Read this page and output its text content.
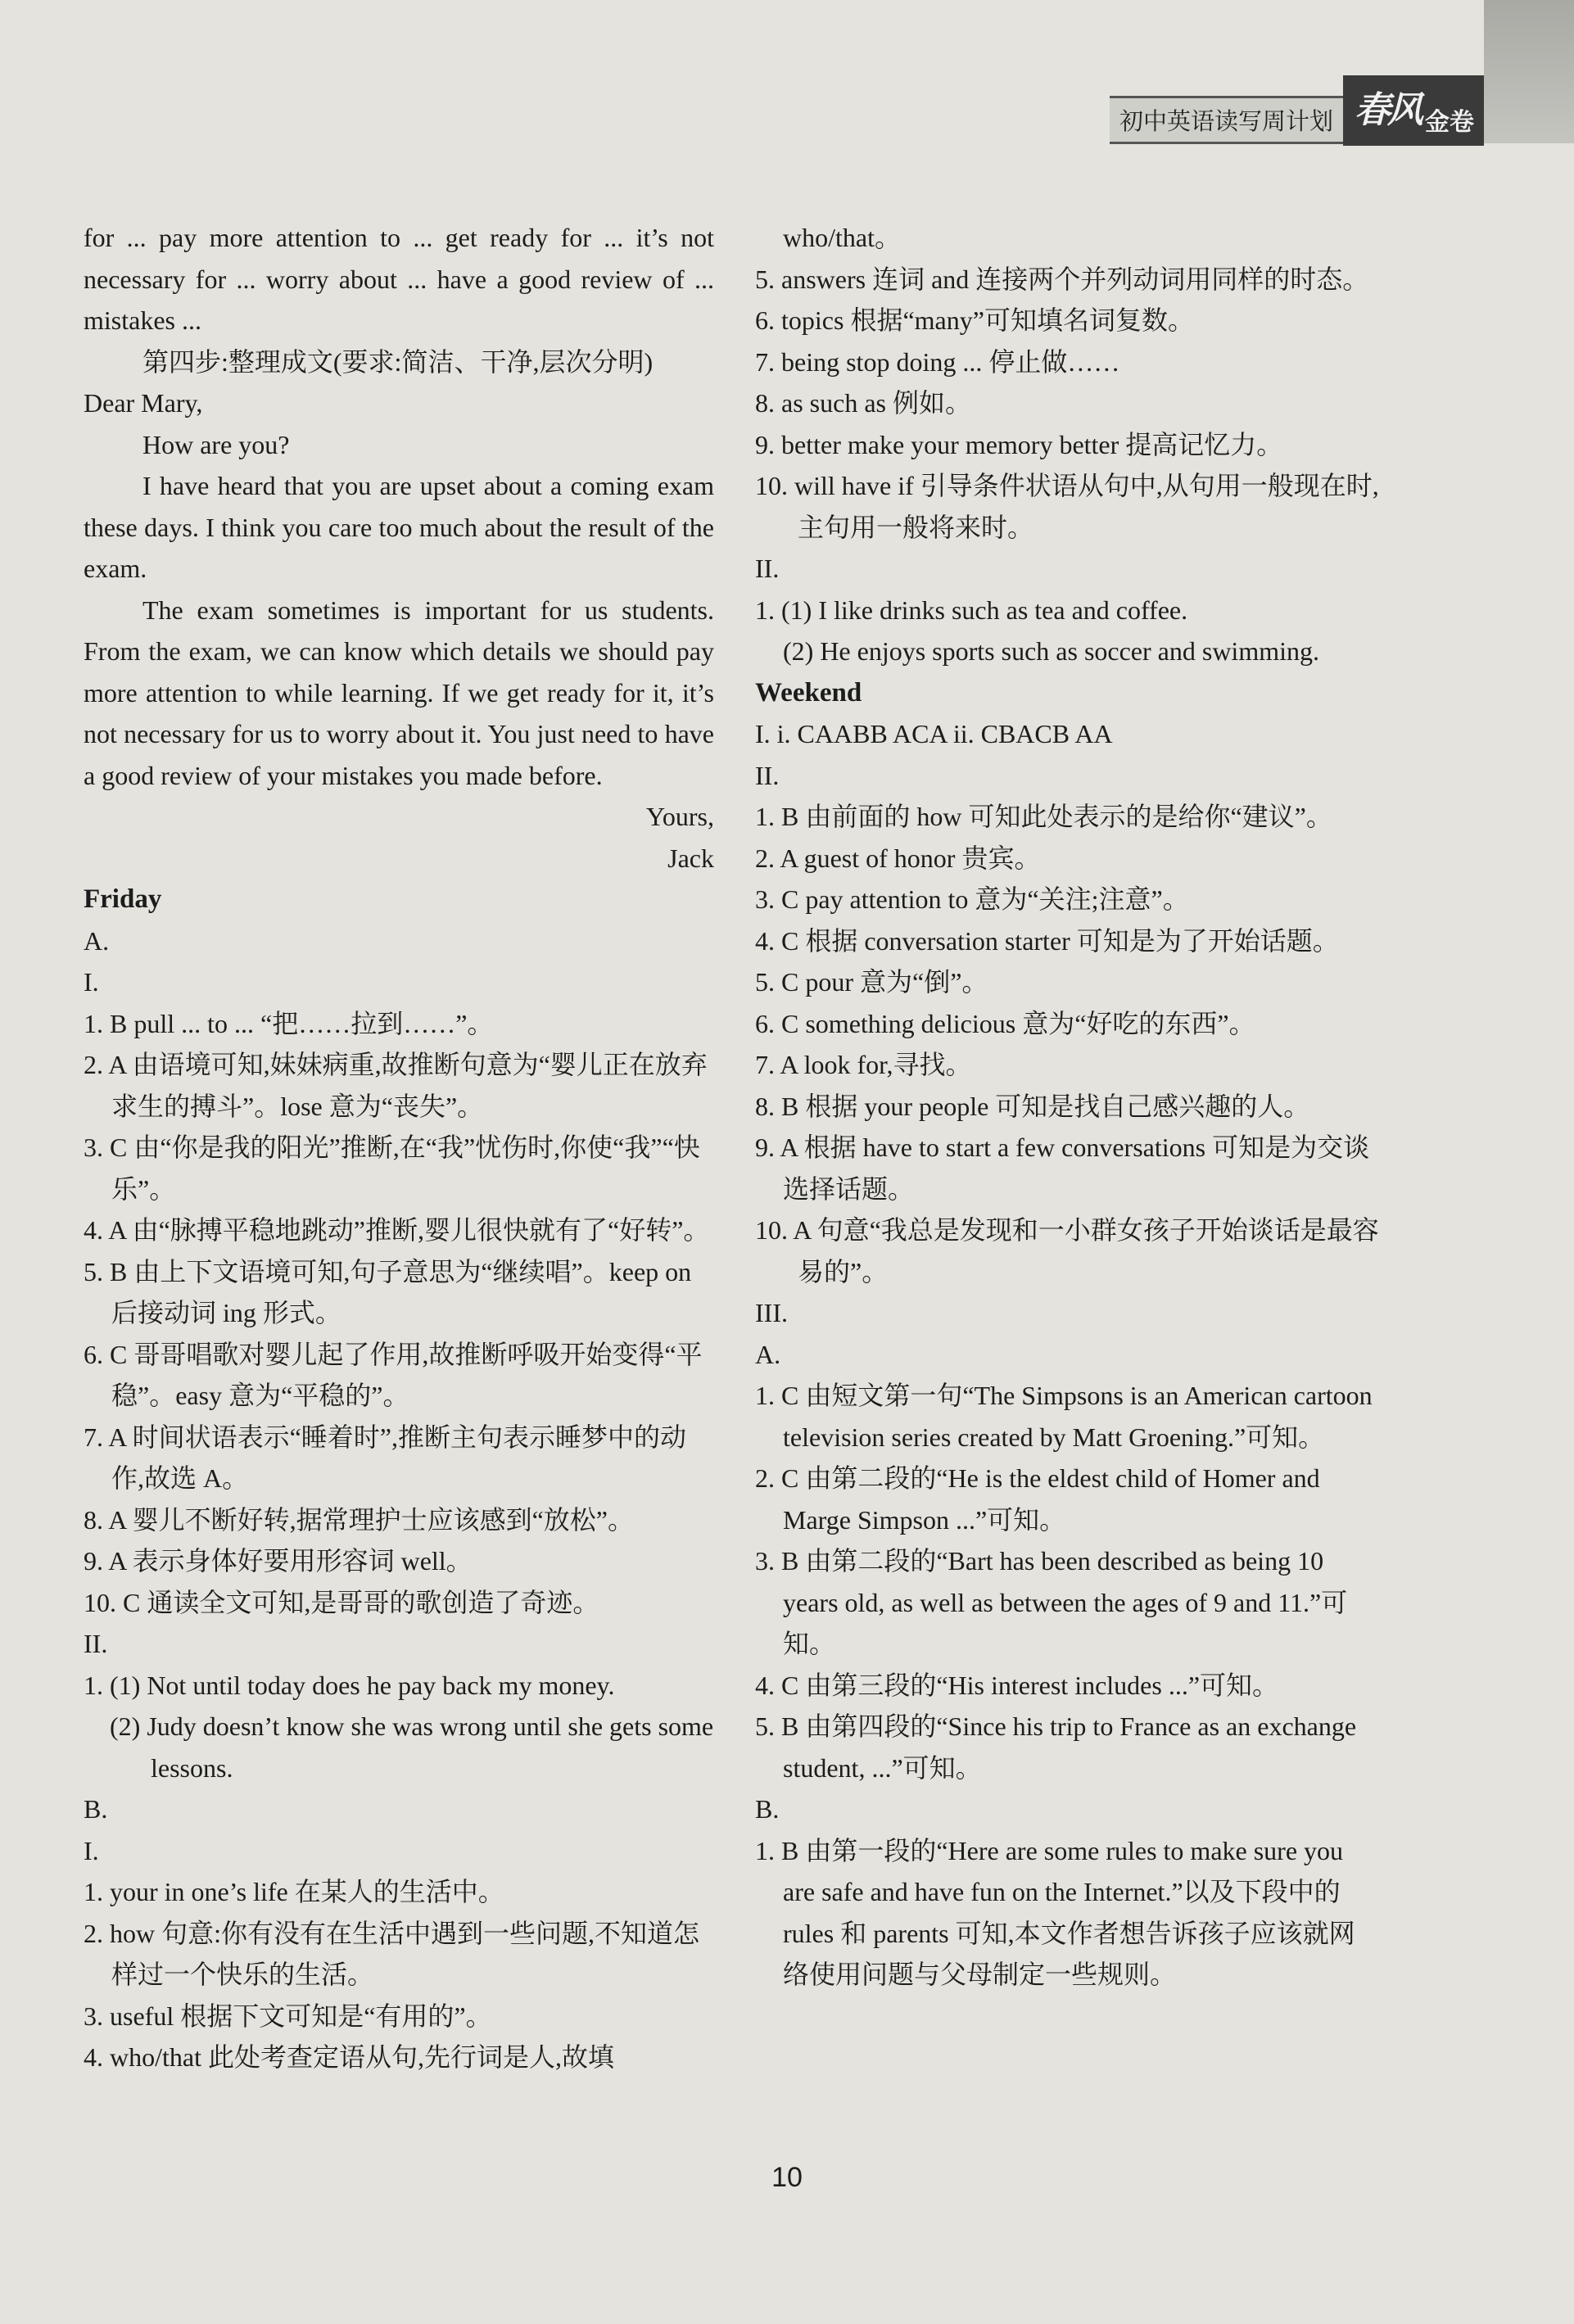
初中英语读写周计划 春风 金卷

for ... pay more attention to ... get ready for ... it’s not necessary for ... worry about ... have a good review of ... mistakes ...

第四步:整理成文(要求:简洁、干净,层次分明)

Dear Mary,

How are you?

I have heard that you are upset about a coming exam these days. I think you care too much about the result of the exam.

The exam sometimes is important for us students. From the exam, we can know which details we should pay more attention to while learning. If we get ready for it, it’s not necessary for us to worry about it. You just need to have a good review of your mistakes you made before.

Yours,

Jack

Friday

A.

I.

1. B pull ... to ... “把……拉到……”。

2. A 由语境可知,妹妹病重,故推断句意为“婴儿正在放弃求生的搏斗”。lose 意为“丧失”。

3. C 由“你是我的阳光”推断,在“我”忧伤时,你使“我”“快乐”。

4. A 由“脉搏平稳地跳动”推断,婴儿很快就有了“好转”。

5. B 由上下文语境可知,句子意思为“继续唱”。keep on 后接动词 ing 形式。

6. C 哥哥唱歌对婴儿起了作用,故推断呼吸开始变得“平稳”。easy 意为“平稳的”。

7. A 时间状语表示“睡着时”,推断主句表示睡梦中的动作,故选 A。

8. A 婴儿不断好转,据常理护士应该感到“放松”。

9. A 表示身体好要用形容词 well。

10. C 通读全文可知,是哥哥的歌创造了奇迹。

II.

1. (1) Not until today does he pay back my money.

(2) Judy doesn’t know she was wrong until she gets some lessons.

B.

I.

1. your in one’s life 在某人的生活中。

2. how 句意:你有没有在生活中遇到一些问题,不知道怎样过一个快乐的生活。

3. useful 根据下文可知是“有用的”。

4. who/that 此处考查定语从句,先行词是人,故填

who/that。

5. answers 连词 and 连接两个并列动词用同样的时态。

6. topics 根据“many”可知填名词复数。

7. being stop doing ... 停止做……

8. as such as 例如。

9. better make your memory better 提高记忆力。

10. will have if 引导条件状语从句中,从句用一般现在时,主句用一般将来时。

II.

1. (1) I like drinks such as tea and coffee.

(2) He enjoys sports such as soccer and swimming.

Weekend

I. i. CAABB ACA ii. CBACB AA

II.

1. B 由前面的 how 可知此处表示的是给你“建议”。

2. A guest of honor 贵宾。

3. C pay attention to 意为“关注;注意”。

4. C 根据 conversation starter 可知是为了开始话题。

5. C pour 意为“倒”。

6. C something delicious 意为“好吃的东西”。

7. A look for,寻找。

8. B 根据 your people 可知是找自己感兴趣的人。

9. A 根据 have to start a few conversations 可知是为交谈选择话题。

10. A 句意“我总是发现和一小群女孩子开始谈话是最容易的”。

III.

A.

1. C 由短文第一句“The Simpsons is an American cartoon television series created by Matt Groening.”可知。

2. C 由第二段的“He is the eldest child of Homer and Marge Simpson ...”可知。

3. B 由第二段的“Bart has been described as being 10 years old, as well as between the ages of 9 and 11.”可知。

4. C 由第三段的“His interest includes ...”可知。

5. B 由第四段的“Since his trip to France as an exchange student, ...”可知。

B.

1. B 由第一段的“Here are some rules to make sure you are safe and have fun on the Internet.”以及下段中的 rules 和 parents 可知,本文作者想告诉孩子应该就网络使用问题与父母制定一些规则。

10
